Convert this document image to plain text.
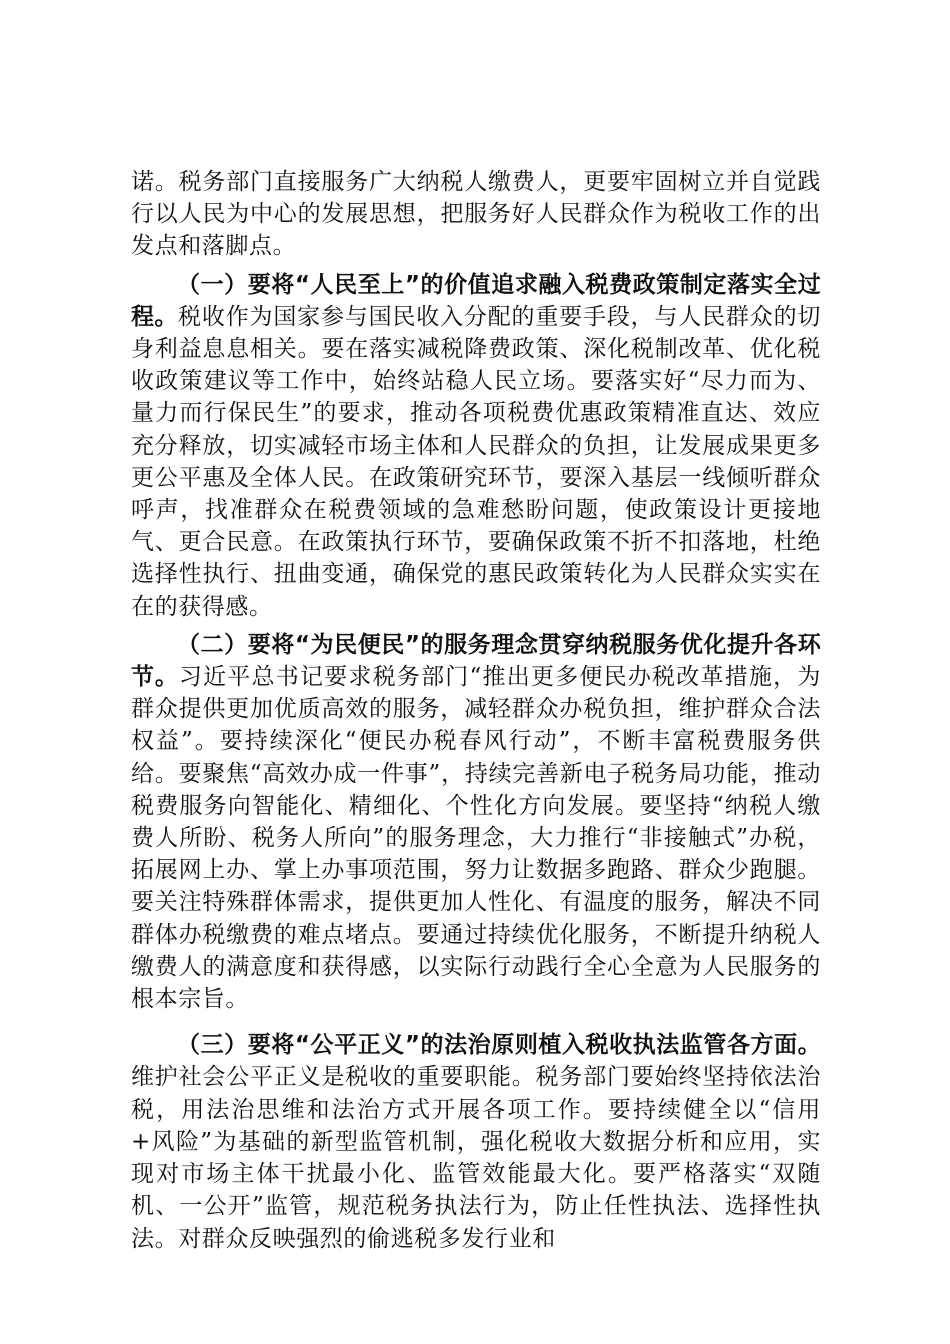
诺。税务部门直接服务广大纳税人缴费人，更要牢固树立并自觉践行以人民为中心的发展思想，把服务好人民群众作为税收工作的出发点和落脚点。

（一）要将“人民至上”的价值追求融入税费政策制定落实全过程。税收作为国家参与国民收入分配的重要手段，与人民群众的切身利益息息相关。要在落实减税降费政策、深化税制改革、优化税收政策建议等工作中，始终站稳人民立场。要落实好“尽力而为、量力而行保民生”的要求，推动各项税费优惠政策精准直达、效应充分释放，切实减轻市场主体和人民群众的负担，让发展成果更多更公平惠及全体人民。在政策研究环节，要深入基层一线倾听群众呼声，找准群众在税费领域的急难愁盼问题，使政策设计更接地气、更合民意。在政策执行环节，要确保政策不折不扣落地，杜绝选择性执行、扭曲变通，确保党的惠民政策转化为人民群众实实在在的获得感。

（二）要将“为民便民”的服务理念贯穿纳税服务优化提升各环节。习近平总书记要求税务部门“推出更多便民办税改革措施，为群众提供更加优质高效的服务，减轻群众办税负担，维护群众合法权益”。要持续深化“便民办税春风行动”，不断丰富税费服务供给。要聚焦“高效办成一件事”，持续完善新电子税务局功能，推动税费服务向智能化、精细化、个性化方向发展。要坚持“纳税人缴费人所盼、税务人所向”的服务理念，大力推行“非接触式”办税，拓展网上办、掌上办事项范围，努力让数据多跑路、群众少跑腿。要关注特殊群体需求，提供更加人性化、有温度的服务，解决不同群体办税缴费的难点堵点。要通过持续优化服务，不断提升纳税人缴费人的满意度和获得感，以实际行动践行全心全意为人民服务的根本宗旨。

（三）要将“公平正义”的法治原则植入税收执法监管各方面。维护社会公平正义是税收的重要职能。税务部门要始终坚持依法治税，用法治思维和法治方式开展各项工作。要持续健全以“信用+风险”为基础的新型监管机制，强化税收大数据分析和应用，实现对市场主体干扰最小化、监管效能最大化。要严格落实“双随机、一公开”监管，规范税务执法行为，防止任性执法、选择性执法。对群众反映强烈的偷逃税多发行业和
